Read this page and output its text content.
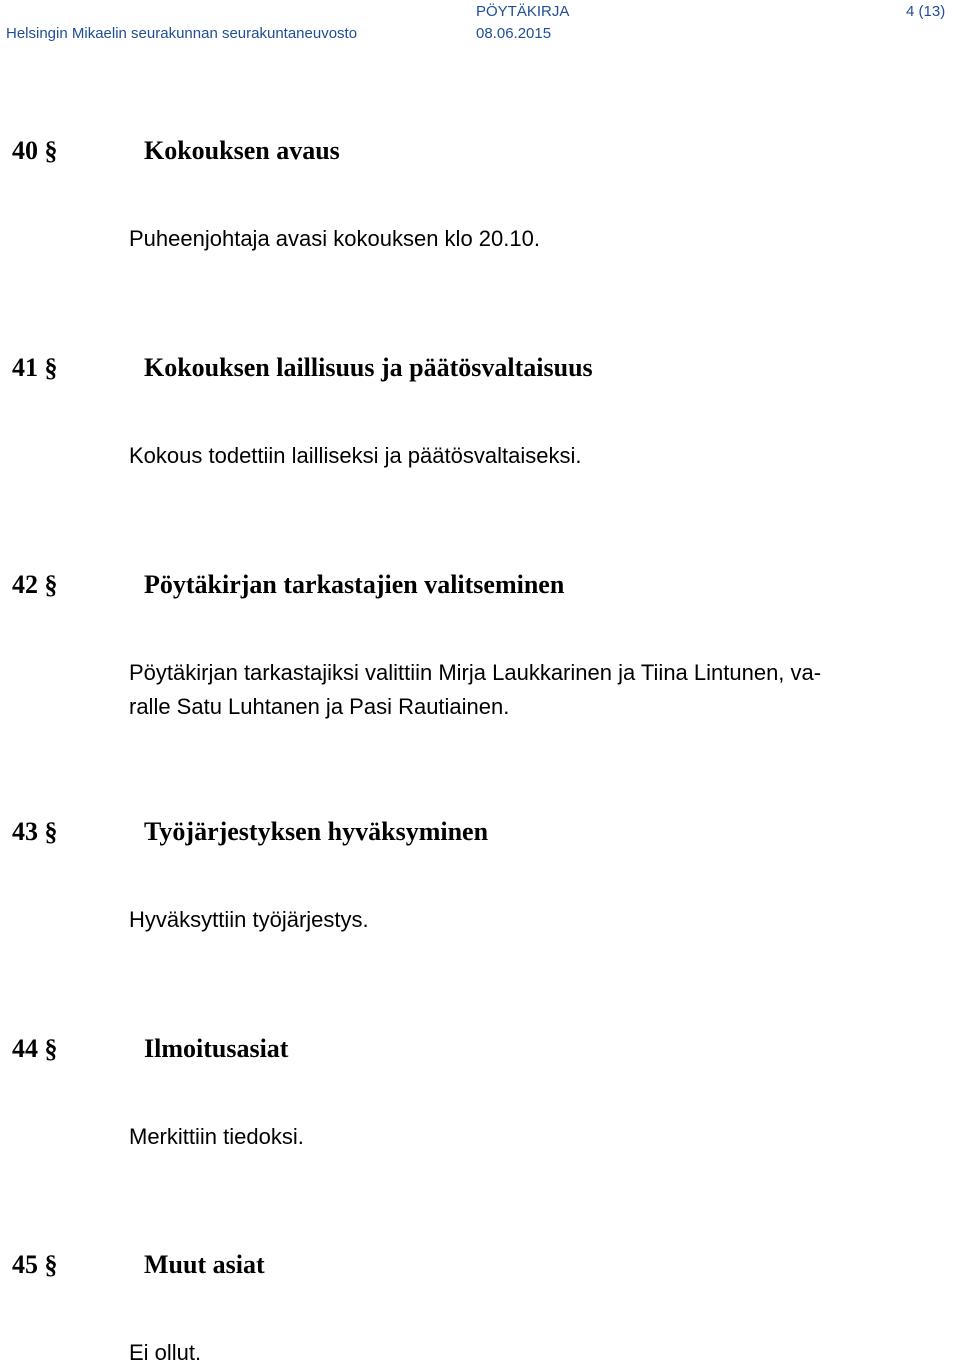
Helsingin Mikaelin seurakunnan seurakuntaneuvosto
PÖYTÄKIRJA
08.06.2015
4 (13)
40 §	Kokouksen avaus

Puheenjohtaja avasi kokouksen klo 20.10.

41 §	Kokouksen laillisuus ja päätösvaltaisuus

Kokous todettiin lailliseksi ja päätösvaltaiseksi.

42 §	Pöytäkirjan tarkastajien valitseminen

Pöytäkirjan tarkastajiksi valittiin Mirja Laukkarinen ja Tiina Lintunen, va-

ralle Satu Luhtanen ja Pasi Rautiainen.

43 §	Työjärjestyksen hyväksyminen

Hyväksyttiin työjärjestys.

44 §	Ilmoitusasiat

Merkittiin tiedoksi.

45 §	Muut asiat

Ei ollut.
